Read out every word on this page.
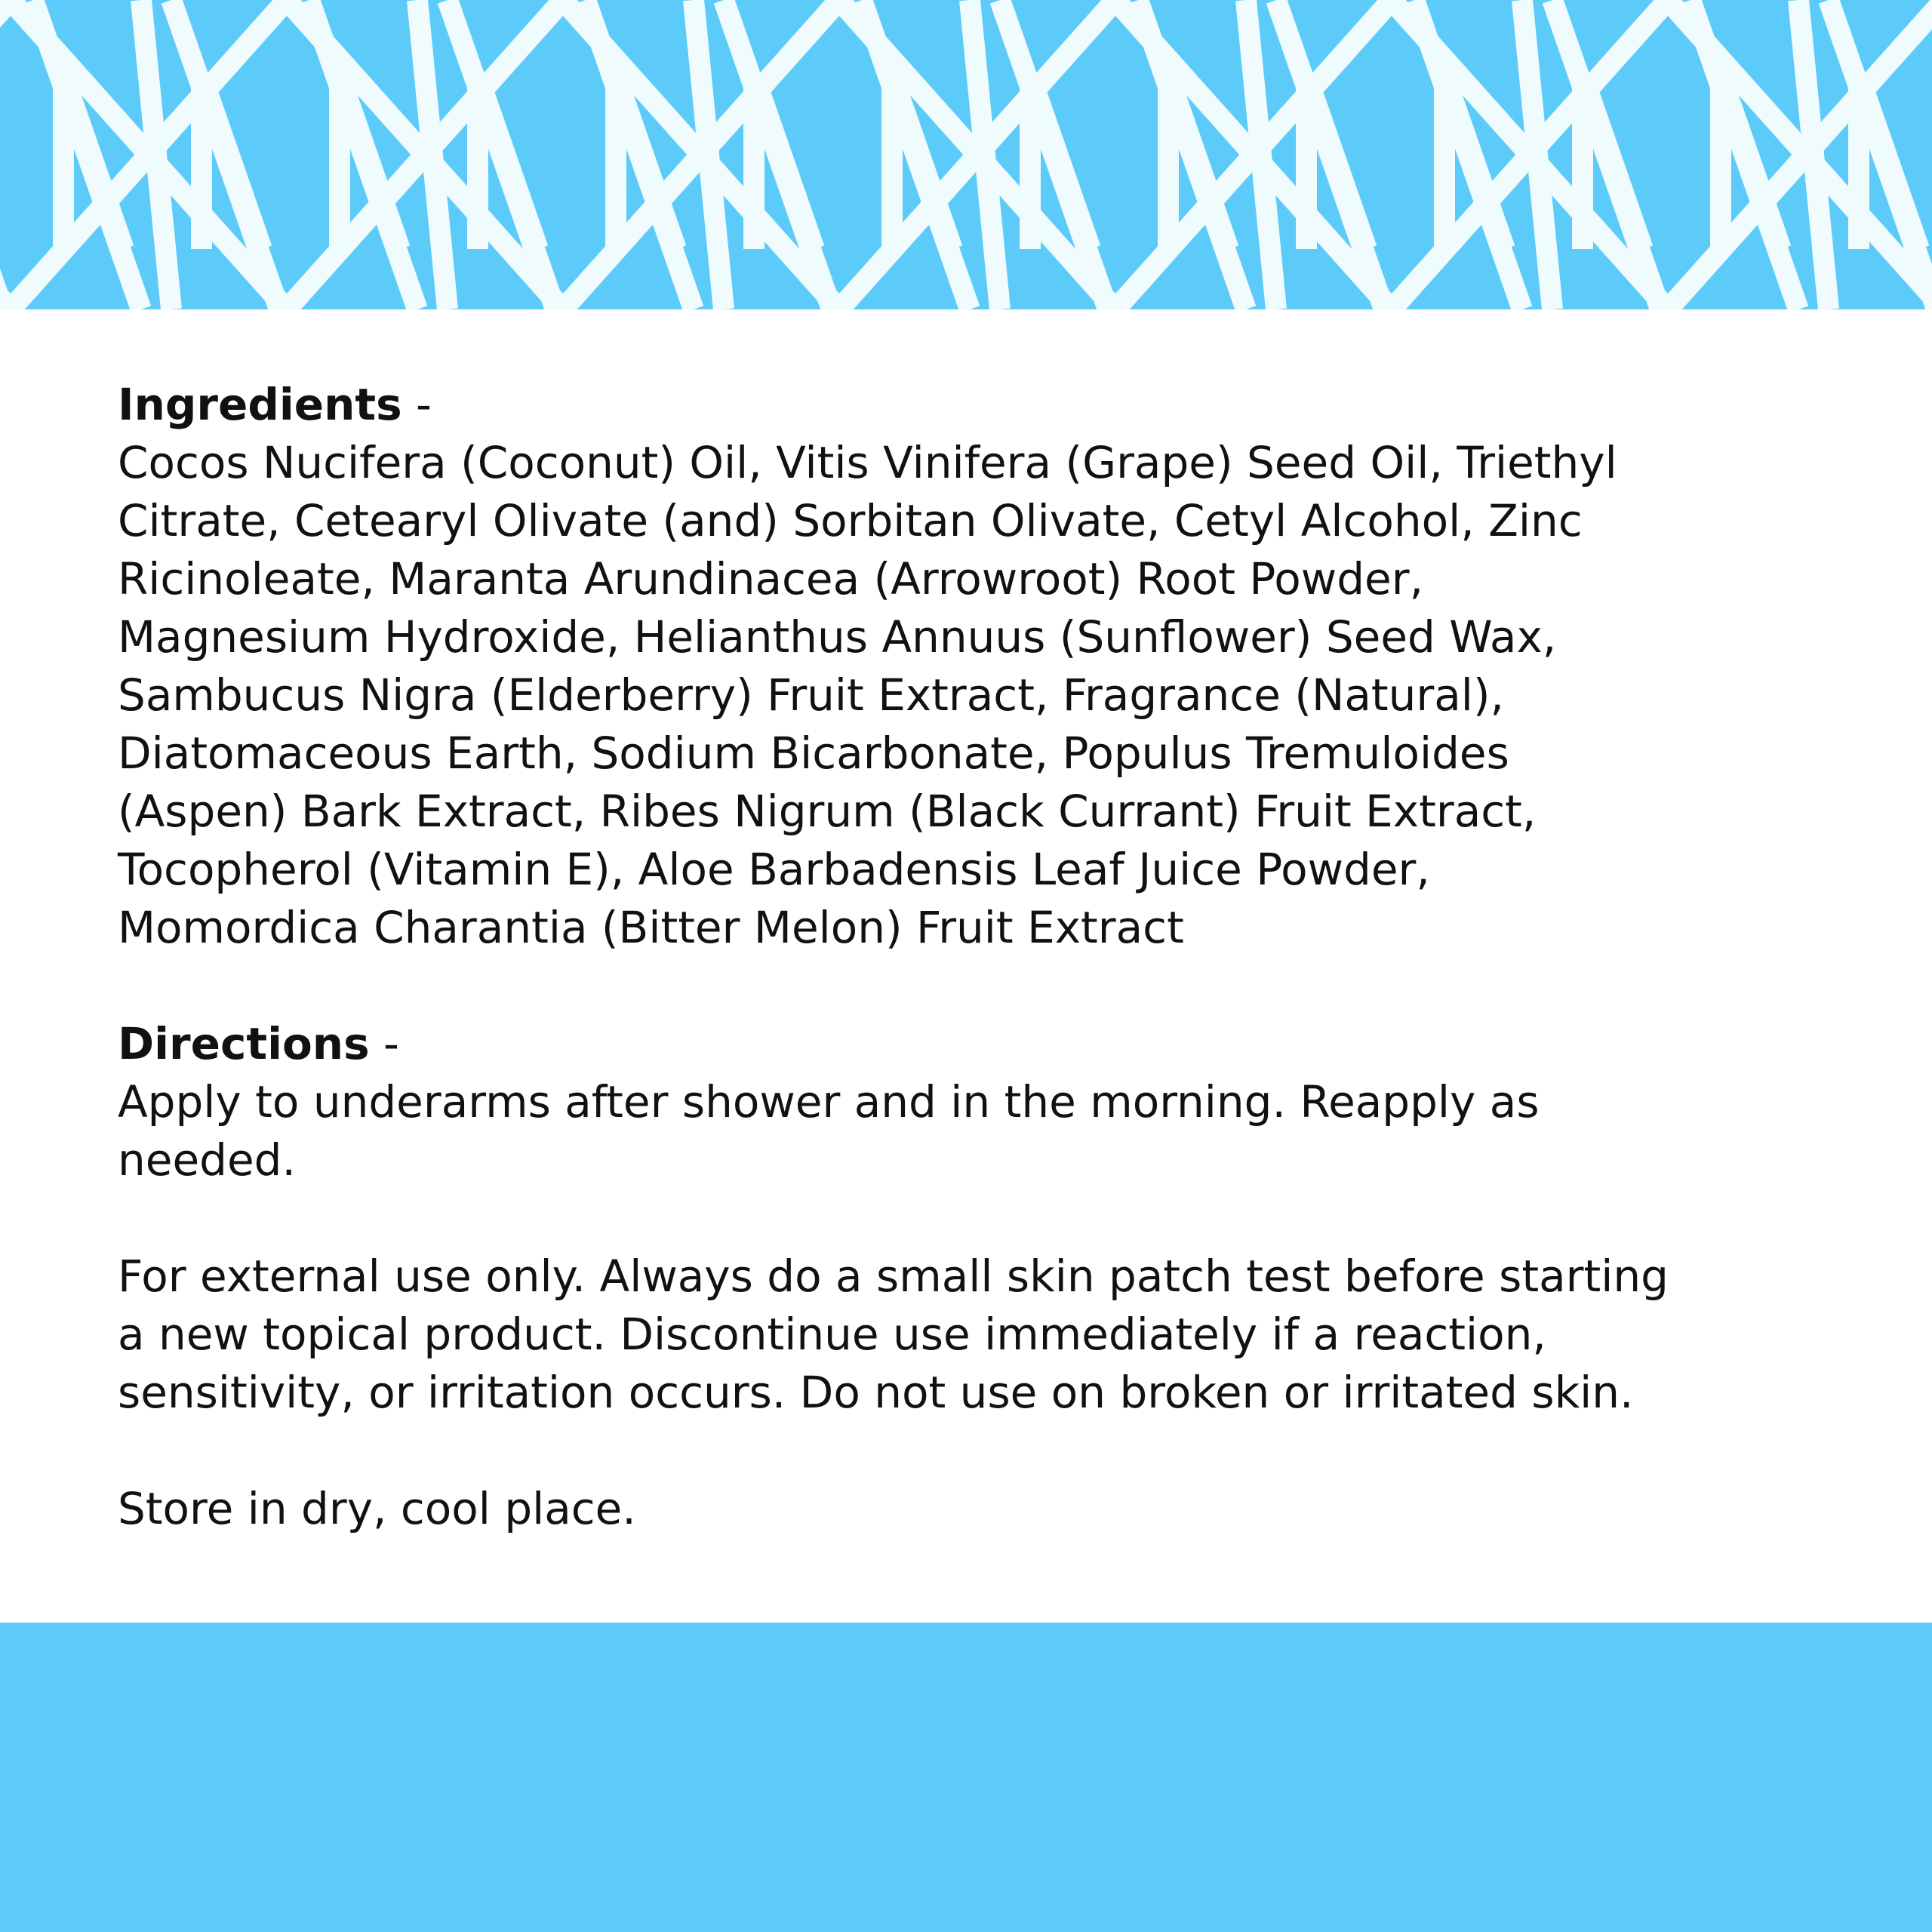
Ingredients -

Cocos Nucifera (Coconut) Oil, Vitis Vinifera (Grape) Seed Oil, Triethyl

Citrate, Cetearyl Olivate (and) Sorbitan Olivate, Cetyl Alcohol, Zinc

Ricinoleate, Maranta Arundinacea (Arrowroot) Root Powder,

Magnesium Hydroxide, Helianthus Annuus (Sunflower) Seed Wax,

Sambucus Nigra (Elderberry) Fruit Extract, Fragrance (Natural),

Diatomaceous Earth, Sodium Bicarbonate, Populus Tremuloides

(Aspen) Bark Extract, Ribes Nigrum (Black Currant) Fruit Extract,

Tocopherol (Vitamin E), Aloe Barbadensis Leaf Juice Powder,

Momordica Charantia (Bitter Melon) Fruit Extract

Directions -

Apply to underarms after shower and in the morning. Reapply as

needed.

For external use only. Always do a small skin patch test before starting

a new topical product. Discontinue use immediately if a reaction,

sensitivity, or irritation occurs. Do not use on broken or irritated skin.

Store in dry, cool place.
